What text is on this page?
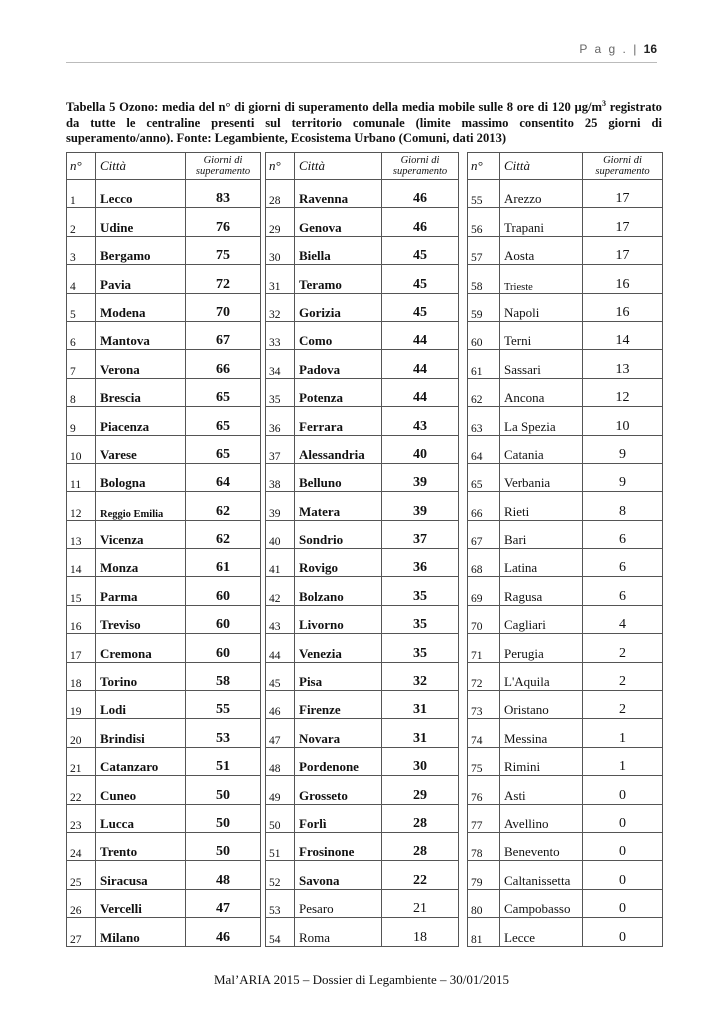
P a g . | 16
Tabella 5 Ozono: media del n° di giorni di superamento della media mobile sulle 8 ore di 120 $\mu g/m^3$ registrato da tutte le centraline presenti sul territorio comunale (limite massimo consentito 25 giorni di superamento/anno). Fonte: Legambiente, Ecosistema Urbano (Comuni, dati 2013)
n°	Città	Giorni di
superamento

1	Lecco	83
2	Udine	76
3	Bergamo	75
4	Pavia	72
5	Modena	70
6	Mantova	67
7	Verona	66
8	Brescia	65
9	Piacenza	65
10	Varese	65
11	Bologna	64
12	Reggio Emilia	62
13	Vicenza	62
14	Monza	61
15	Parma	60
16	Treviso	60
17	Cremona	60
18	Torino	58
19	Lodi	55
20	Brindisi	53
21	Catanzaro	51
22	Cuneo	50
23	Lucca	50
24	Trento	50
25	Siracusa	48
26	Vercelli	47
27	Milano	46
n°	Città	Giorni di
superamento

28	Ravenna	46
29	Genova	46
30	Biella	45
31	Teramo	45
32	Gorizia	45
33	Como	44
34	Padova	44
35	Potenza	44
36	Ferrara	43
37	Alessandria	40
38	Belluno	39
39	Matera	39
40	Sondrio	37
41	Rovigo	36
42	Bolzano	35
43	Livorno	35
44	Venezia	35
45	Pisa	32
46	Firenze	31
47	Novara	31
48	Pordenone	30
49	Grosseto	29
50	Forlì	28
51	Frosinone	28
52	Savona	22
53	Pesaro	21
54	Roma	18
n°	Città	Giorni di
superamento

55	Arezzo	17
56	Trapani	17
57	Aosta	17
58	Trieste	16
59	Napoli	16
60	Terni	14
61	Sassari	13
62	Ancona	12
63	La Spezia	10
64	Catania	9
65	Verbania	9
66	Rieti	8
67	Bari	6
68	Latina	6
69	Ragusa	6
70	Cagliari	4
71	Perugia	2
72	L'Aquila	2
73	Oristano	2
74	Messina	1
75	Rimini	1
76	Asti	0
77	Avellino	0
78	Benevento	0
79	Caltanissetta	0
80	Campobasso	0
81	Lecce	0
Mal’ARIA 2015 – Dossier di Legambiente – 30/01/2015
